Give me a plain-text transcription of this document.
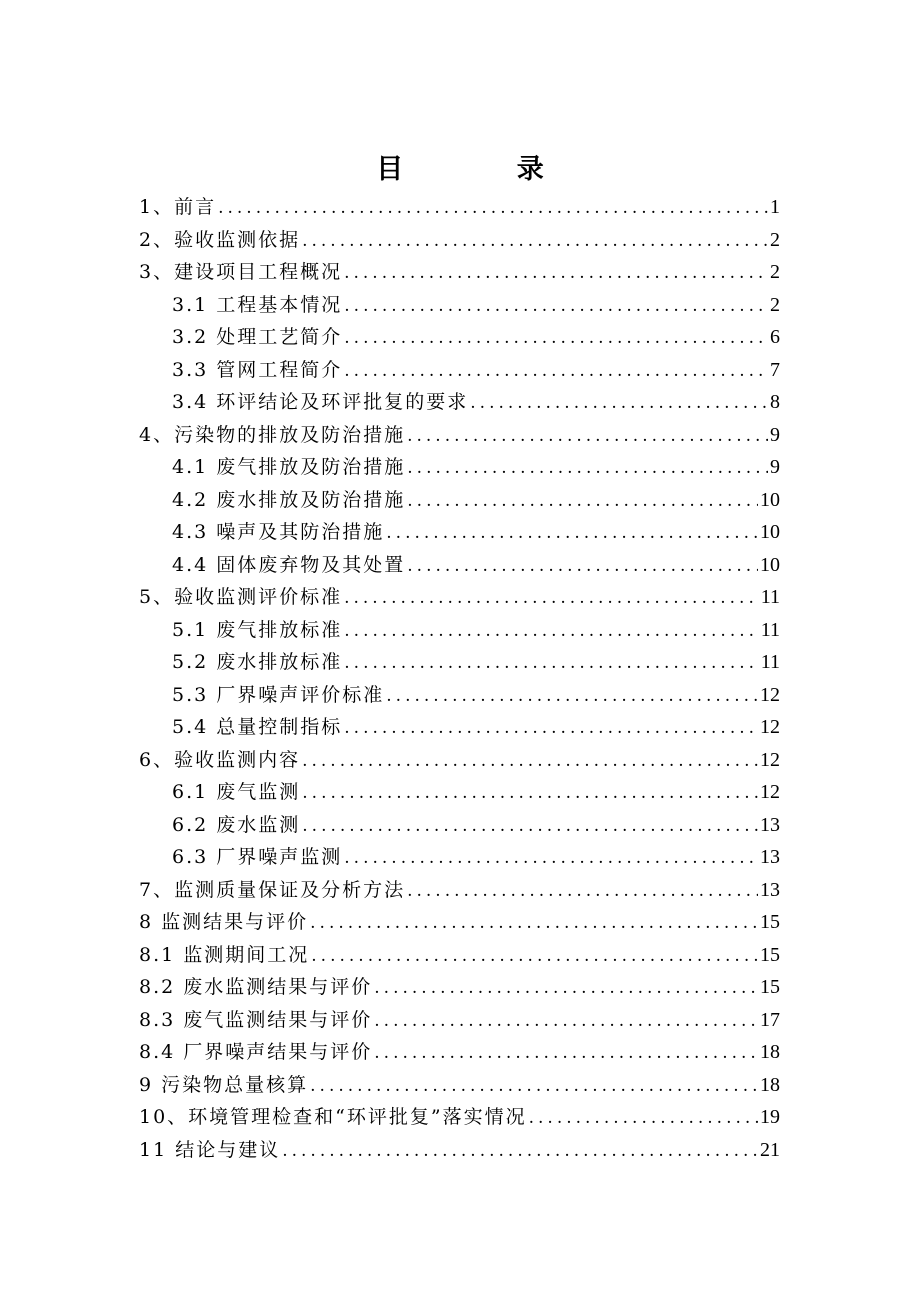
目 录
1、前言 .....	1
2、验收监测依据 .....	2
3、建设项目工程概况 .....	2
3.1 工程基本情况 .....	2
3.2 处理工艺简介 .....	6
3.3 管网工程简介 .....	7
3.4 环评结论及环评批复的要求 .....	8
4、污染物的排放及防治措施 .....	9
4.1 废气排放及防治措施 .....	9
4.2 废水排放及防治措施 .....	10
4.3 噪声及其防治措施 .....	10
4.4 固体废弃物及其处置 .....	10
5、验收监测评价标准 .....	11
5.1 废气排放标准 .....	11
5.2 废水排放标准 .....	11
5.3 厂界噪声评价标准 .....	12
5.4 总量控制指标 .....	12
6、验收监测内容 .....	12
6.1 废气监测 .....	12
6.2 废水监测 .....	13
6.3 厂界噪声监测 .....	13
7、监测质量保证及分析方法 .....	13
8 监测结果与评价 .....	15
8.1 监测期间工况 .....	15
8.2 废水监测结果与评价 .....	15
8.3 废气监测结果与评价 .....	17
8.4 厂界噪声结果与评价 .....	18
9 污染物总量核算 .....	18
10、环境管理检查和“环评批复”落实情况 .....	19
11 结论与建议 .....	21
